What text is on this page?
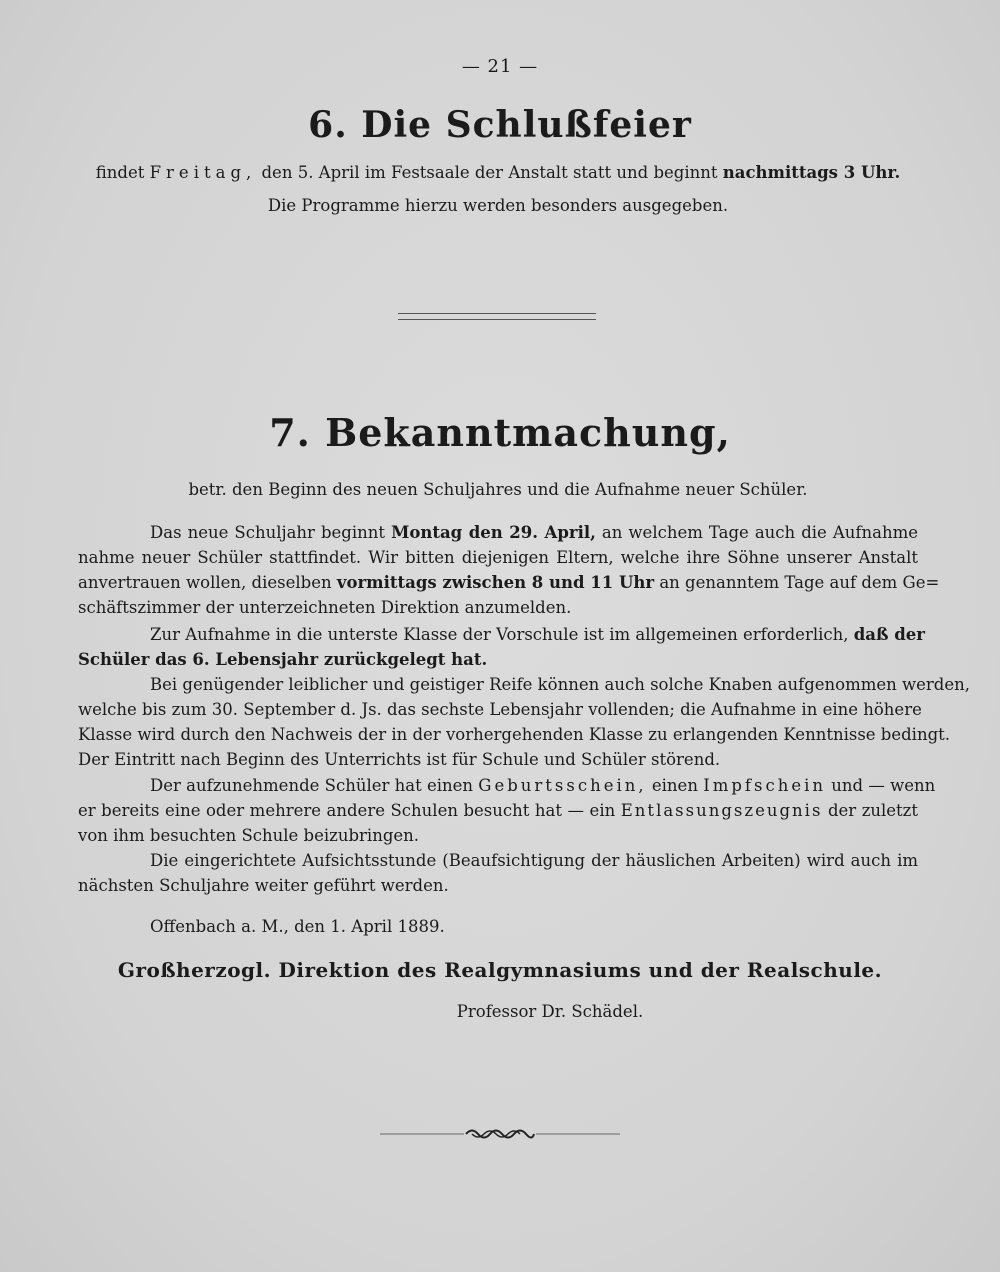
— 21 —
6. Die Schlußfeier
findet Freitag, den 5. April im Festsaale der Anstalt statt und beginnt nachmittags 3 Uhr.
Die Programme hierzu werden besonders ausgegeben.
7. Bekanntmachung,
betr. den Beginn des neuen Schuljahres und die Aufnahme neuer Schüler.
Das neue Schuljahr beginnt Montag den 29. April, an welchem Tage auch die Aufnahme
nahme neuer Schüler stattfindet. Wir bitten diejenigen Eltern, welche ihre Söhne unserer Anstalt
anvertrauen wollen, dieselben vormittags zwischen 8 und 11 Uhr an genanntem Tage auf dem Ge=
schäftszimmer der unterzeichneten Direktion anzumelden.
Zur Aufnahme in die unterste Klasse der Vorschule ist im allgemeinen erforderlich, daß der
Schüler das 6. Lebensjahr zurückgelegt hat.
Bei genügender leiblicher und geistiger Reife können auch solche Knaben aufgenommen werden,
welche bis zum 30. September d. Js. das sechste Lebensjahr vollenden; die Aufnahme in eine höhere
Klasse wird durch den Nachweis der in der vorhergehenden Klasse zu erlangenden Kenntnisse bedingt.
Der Eintritt nach Beginn des Unterrichts ist für Schule und Schüler störend.
Der aufzunehmende Schüler hat einen Geburtsschein, einen Impfschein und — wenn
er bereits eine oder mehrere andere Schulen besucht hat — ein Entlassungszeugnis der zuletzt
von ihm besuchten Schule beizubringen.
Die eingerichtete Aufsichtsstunde (Beaufsichtigung der häuslichen Arbeiten) wird auch im
nächsten Schuljahre weiter geführt werden.
Offenbach a. M., den 1. April 1889.
Großherzogl. Direktion des Realgymnasiums und der Realschule.
Professor Dr. Schädel.
